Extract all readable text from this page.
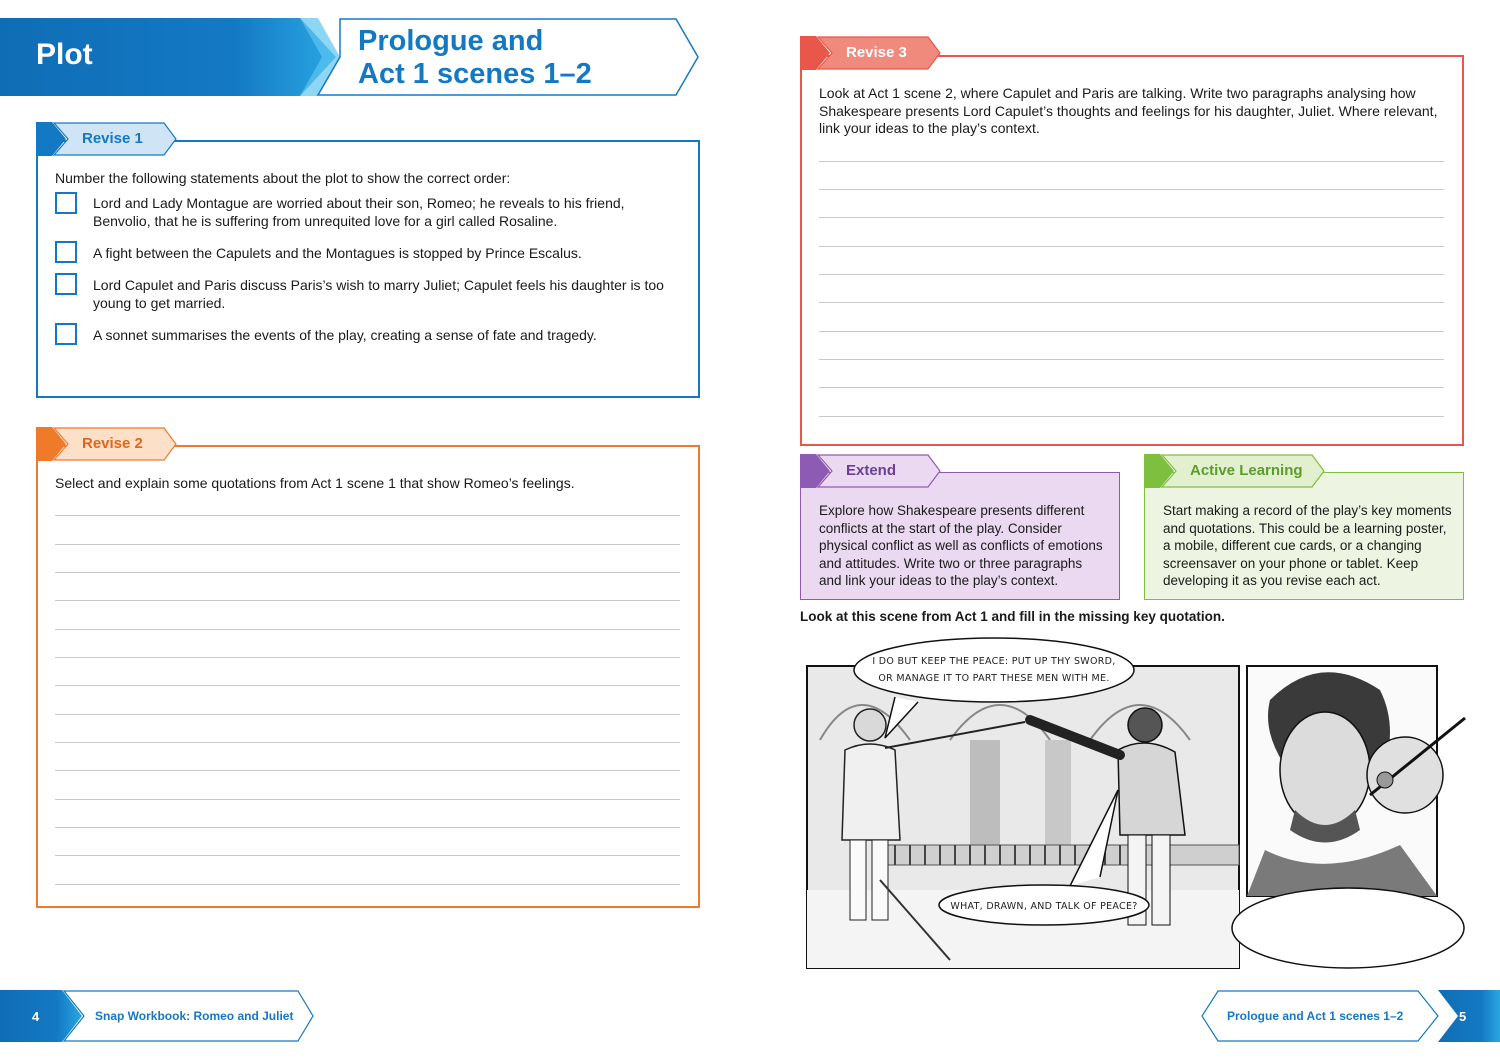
Plot	Prologue and
Act 1 scenes 1–2
Revise 1
Number the following statements about the plot to show the correct order:
Lord and Lady Montague are worried about their son, Romeo; he reveals to his friend,
Benvolio, that he is suffering from unrequited love for a girl called Rosaline.
A fight between the Capulets and the Montagues is stopped by Prince Escalus.
Lord Capulet and Paris discuss Paris’s wish to marry Juliet; Capulet feels his daughter is too
young to get married.
A sonnet summarises the events of the play, creating a sense of fate and tragedy.
Revise 2
Select and explain some quotations from Act 1 scene 1 that show Romeo’s feelings.
4	Snap Workbook: Romeo and Juliet
Revise 3
Look at Act 1 scene 2, where Capulet and Paris are talking. Write two paragraphs analysing how
Shakespeare presents Lord Capulet’s thoughts and feelings for his daughter, Juliet. Where relevant,
link your ideas to the play’s context.
Extend
Explore how Shakespeare presents different
conflicts at the start of the play. Consider
physical conflict as well as conflicts of emotions
and attitudes. Write two or three paragraphs
and link your ideas to the play’s context.
Active Learning
Start making a record of the play’s key moments
and quotations. This could be a learning poster,
a mobile, different cue cards, or a changing
screensaver on your phone or tablet. Keep
developing it as you revise each act.
Look at this scene from Act 1 and fill in the missing key quotation.
I DO BUT KEEP THE PEACE: PUT UP THY SWORD,
OR MANAGE IT TO PART THESE MEN WITH ME.
WHAT, DRAWN, AND TALK OF PEACE?
Prologue and Act 1 scenes 1–2	5
